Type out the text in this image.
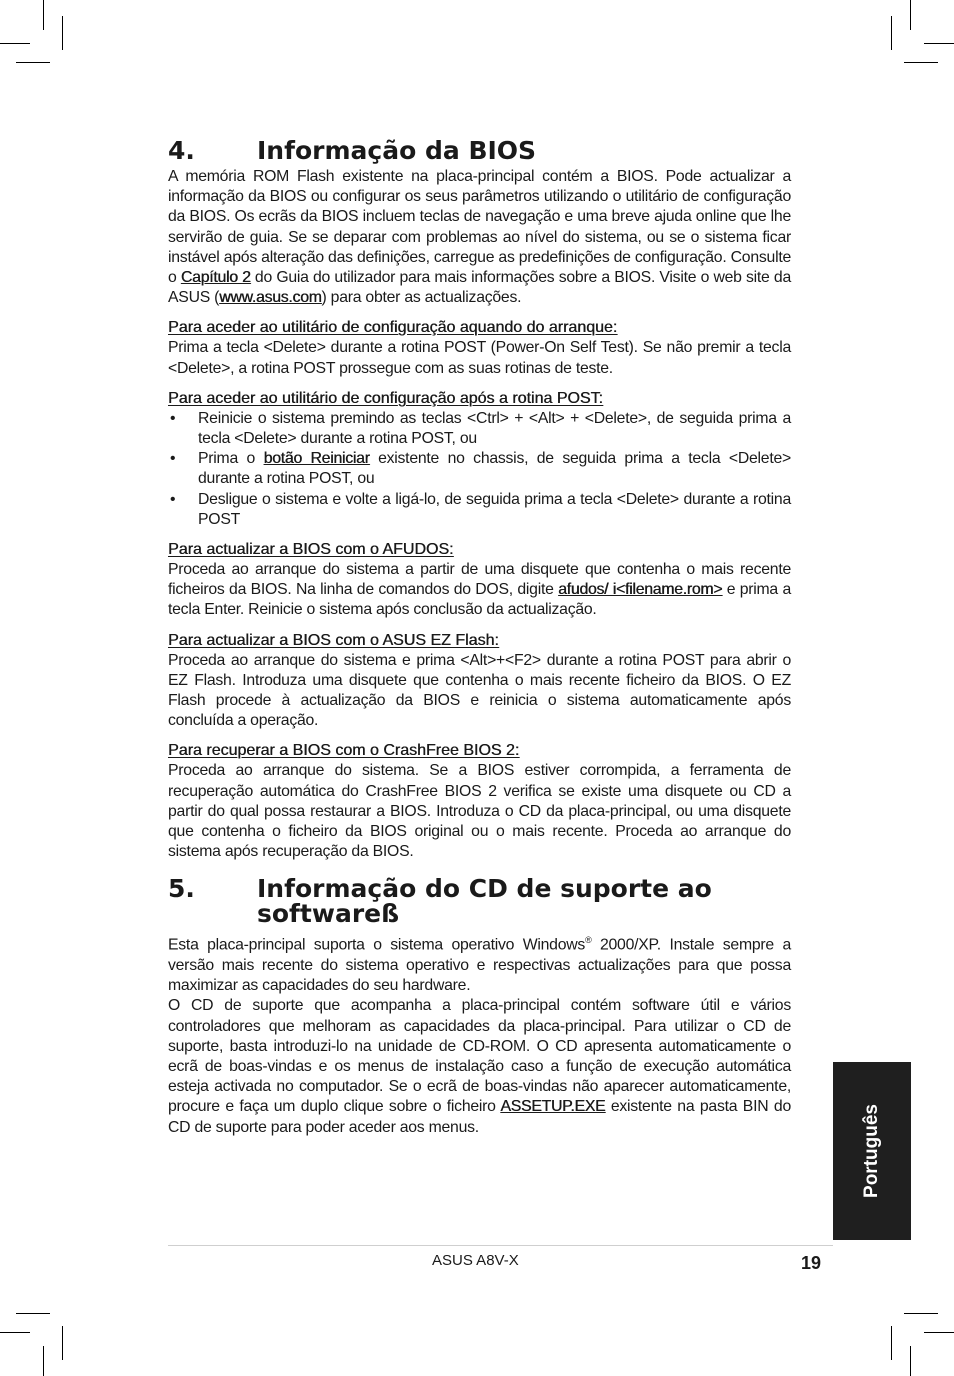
4.	Informação da BIOS

A memória ROM Flash existente na placa-principal contém a BIOS. Pode actualizar a informação da BIOS ou configurar os seus parâmetros utilizando o utilitário de configuração da BIOS. Os ecrãs da BIOS incluem teclas de navegação e uma breve ajuda online que lhe servirão de guia. Se se deparar com problemas ao nível do sistema, ou se o sistema ficar instável após alteração das definições, carregue as predefinições de configuração. Consulte o Capítulo 2 do Guia do utilizador para mais informações sobre a BIOS. Visite o web site da ASUS (www.asus.com) para obter as actualizações.

Para aceder ao utilitário de configuração aquando do arranque:

Prima a tecla <Delete> durante a rotina POST (Power-On Self Test). Se não premir a tecla <Delete>, a rotina POST prossegue com as suas rotinas de teste.

Para aceder ao utilitário de configuração após a rotina POST:
• Reinicie o sistema premindo as teclas <Ctrl> + <Alt> + <Delete>, de seguida prima a tecla <Delete> durante a rotina POST, ou
• Prima o botão Reiniciar existente no chassis, de seguida prima a tecla <Delete> durante a rotina POST, ou
• Desligue o sistema e volte a ligá-lo, de seguida prima a tecla <Delete> durante a rotina POST
Para actualizar a BIOS com o AFUDOS:

Proceda ao arranque do sistema a partir de uma disquete que contenha o mais recente ficheiros da BIOS. Na linha de comandos do DOS, digite afudos/ i<filename.rom> e prima a tecla Enter. Reinicie o sistema após conclusão da actualização.

Para actualizar a BIOS com o ASUS EZ Flash:

Proceda ao arranque do sistema e prima <Alt>+<F2> durante a rotina POST para abrir o EZ Flash. Introduza uma disquete que contenha o mais recente ficheiro da BIOS. O EZ Flash procede à actualização da BIOS e reinicia o sistema automaticamente após concluída a operação.

Para recuperar a BIOS com o CrashFree BIOS 2:

Proceda ao arranque do sistema. Se a BIOS estiver corrompida, a ferramenta de recuperação automática do CrashFree BIOS 2 verifica se existe uma disquete ou CD a partir do qual possa restaurar a BIOS. Introduza o CD da placa-principal, ou uma disquete que contenha o ficheiro da BIOS original ou o mais recente. Proceda ao arranque do sistema após recuperação da BIOS.

5.	Informação do CD de suporte ao softwareß

Esta placa-principal suporta o sistema operativo Windows® 2000/XP. Instale sempre a versão mais recente do sistema operativo e respectivas actualizações para que possa maximizar as capacidades do seu hardware.

O CD de suporte que acompanha a placa-principal contém software útil e vários controladores que melhoram as capacidades da placa-principal. Para utilizar o CD de suporte, basta introduzi-lo na unidade de CD-ROM. O CD apresenta automaticamente o ecrã de boas-vindas e os menus de instalação caso a função de execução automática esteja activada no computador. Se o ecrã de boas-vindas não aparecer automaticamente, procure e faça um duplo clique sobre o ficheiro ASSETUP.EXE existente na pasta BIN do CD de suporte para poder aceder aos menus.	Português
ASUS A8V-X	19
